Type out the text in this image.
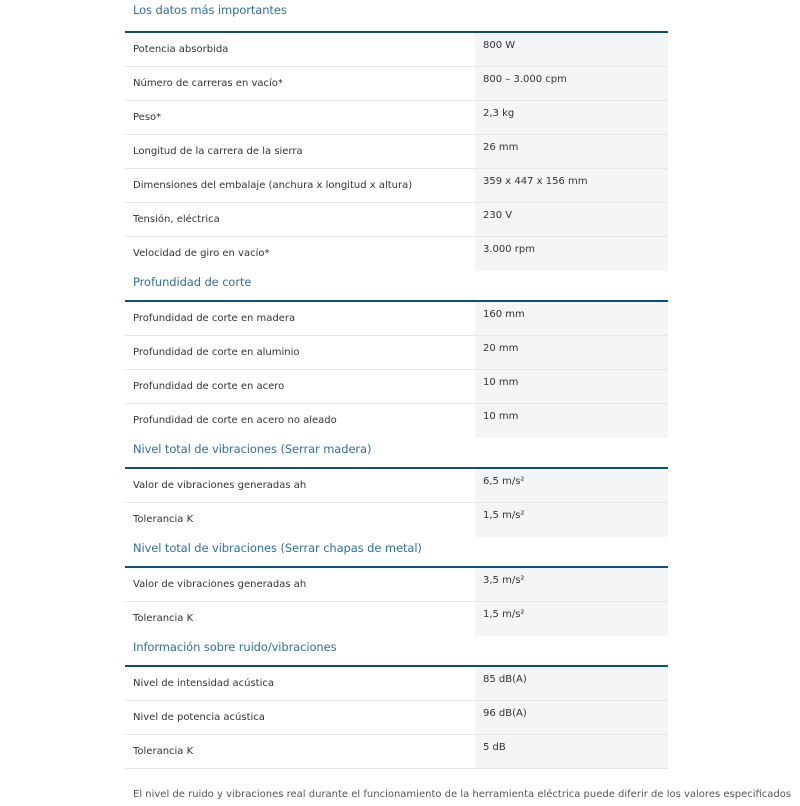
Los datos más importantes
Potencia absorbida	800 W
Número de carreras en vacío*	800 – 3.000 cpm
Peso*	2,3 kg
Longitud de la carrera de la sierra	26 mm
Dimensiones del embalaje (anchura x longitud x altura)	359 x 447 x 156 mm
Tensión, eléctrica	230 V
Velocidad de giro en vacío*	3.000 rpm
Profundidad de corte
Profundidad de corte en madera	160 mm
Profundidad de corte en aluminio	20 mm
Profundidad de corte en acero	10 mm
Profundidad de corte en acero no aleado	10 mm
Nivel total de vibraciones (Serrar madera)
Valor de vibraciones generadas ah	6,5 m/s²
Tolerancia K	1,5 m/s²
Nivel total de vibraciones (Serrar chapas de metal)
Valor de vibraciones generadas ah	3,5 m/s²
Tolerancia K	1,5 m/s²
Información sobre ruido/vibraciones
Nivel de intensidad acústica	85 dB(A)
Nivel de potencia acústica	96 dB(A)
Tolerancia K	5 dB
El nivel de ruido y vibraciones real durante el funcionamiento de la herramienta eléctrica puede diferir de los valores especificados
